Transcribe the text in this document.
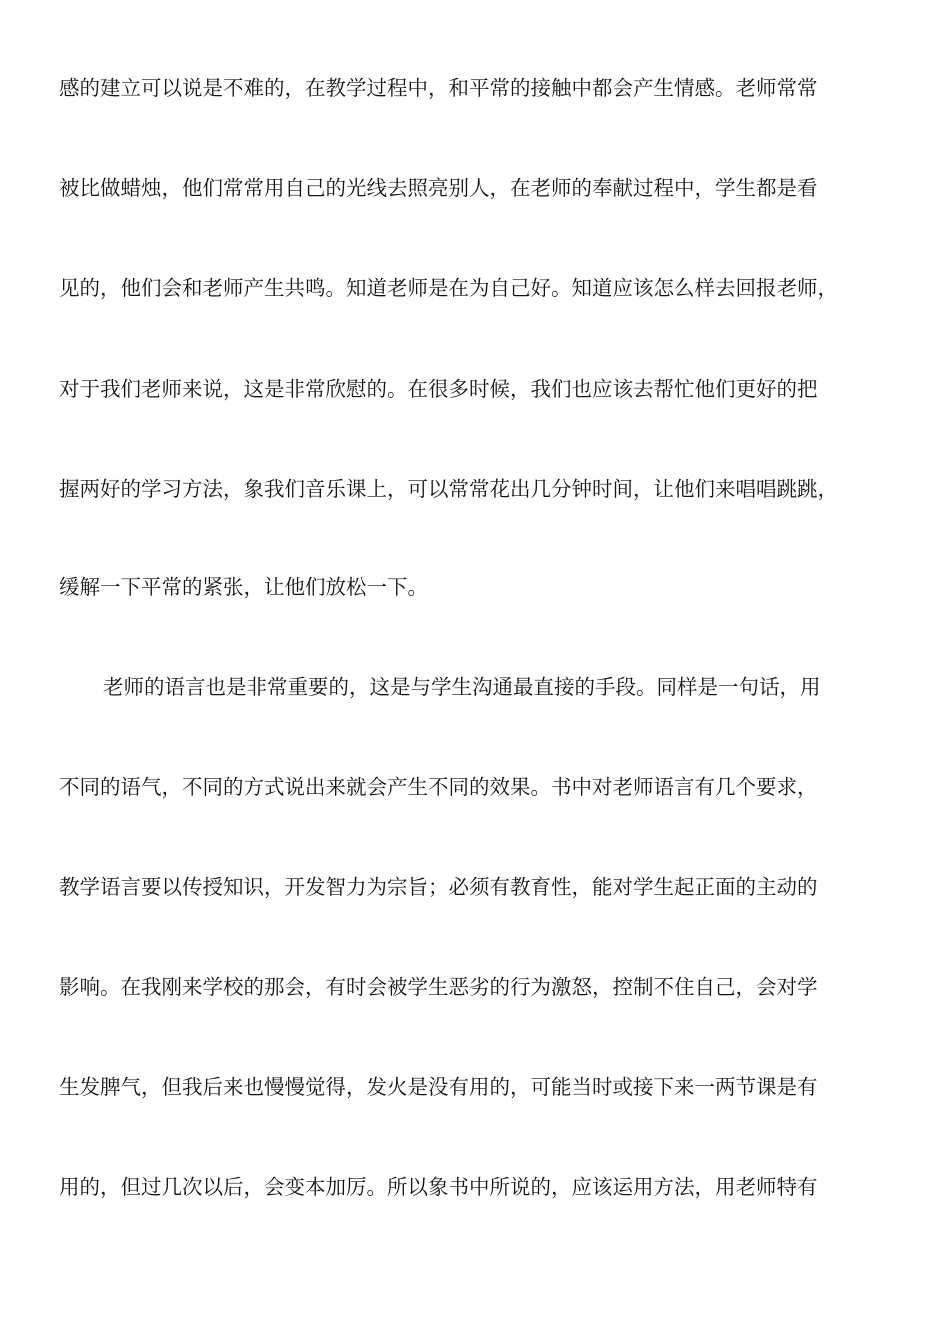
感的建立可以说是不难的，在教学过程中，和平常的接触中都会产生情感。老师常常

被比做蜡烛，他们常常用自己的光线去照亮别人，在老师的奉献过程中，学生都是看

见的，他们会和老师产生共鸣。知道老师是在为自己好。知道应该怎么样去回报老师，

对于我们老师来说，这是非常欣慰的。在很多时候，我们也应该去帮忙他们更好的把

握两好的学习方法，象我们音乐课上，可以常常花出几分钟时间，让他们来唱唱跳跳，

缓解一下平常的紧张，让他们放松一下。

老师的语言也是非常重要的，这是与学生沟通最直接的手段。同样是一句话，用

不同的语气，不同的方式说出来就会产生不同的效果。书中对老师语言有几个要求，

教学语言要以传授知识，开发智力为宗旨；必须有教育性，能对学生起正面的主动的

影响。在我刚来学校的那会，有时会被学生恶劣的行为激怒，控制不住自己，会对学

生发脾气，但我后来也慢慢觉得，发火是没有用的，可能当时或接下来一两节课是有

用的，但过几次以后，会变本加厉。所以象书中所说的，应该运用方法，用老师特有
